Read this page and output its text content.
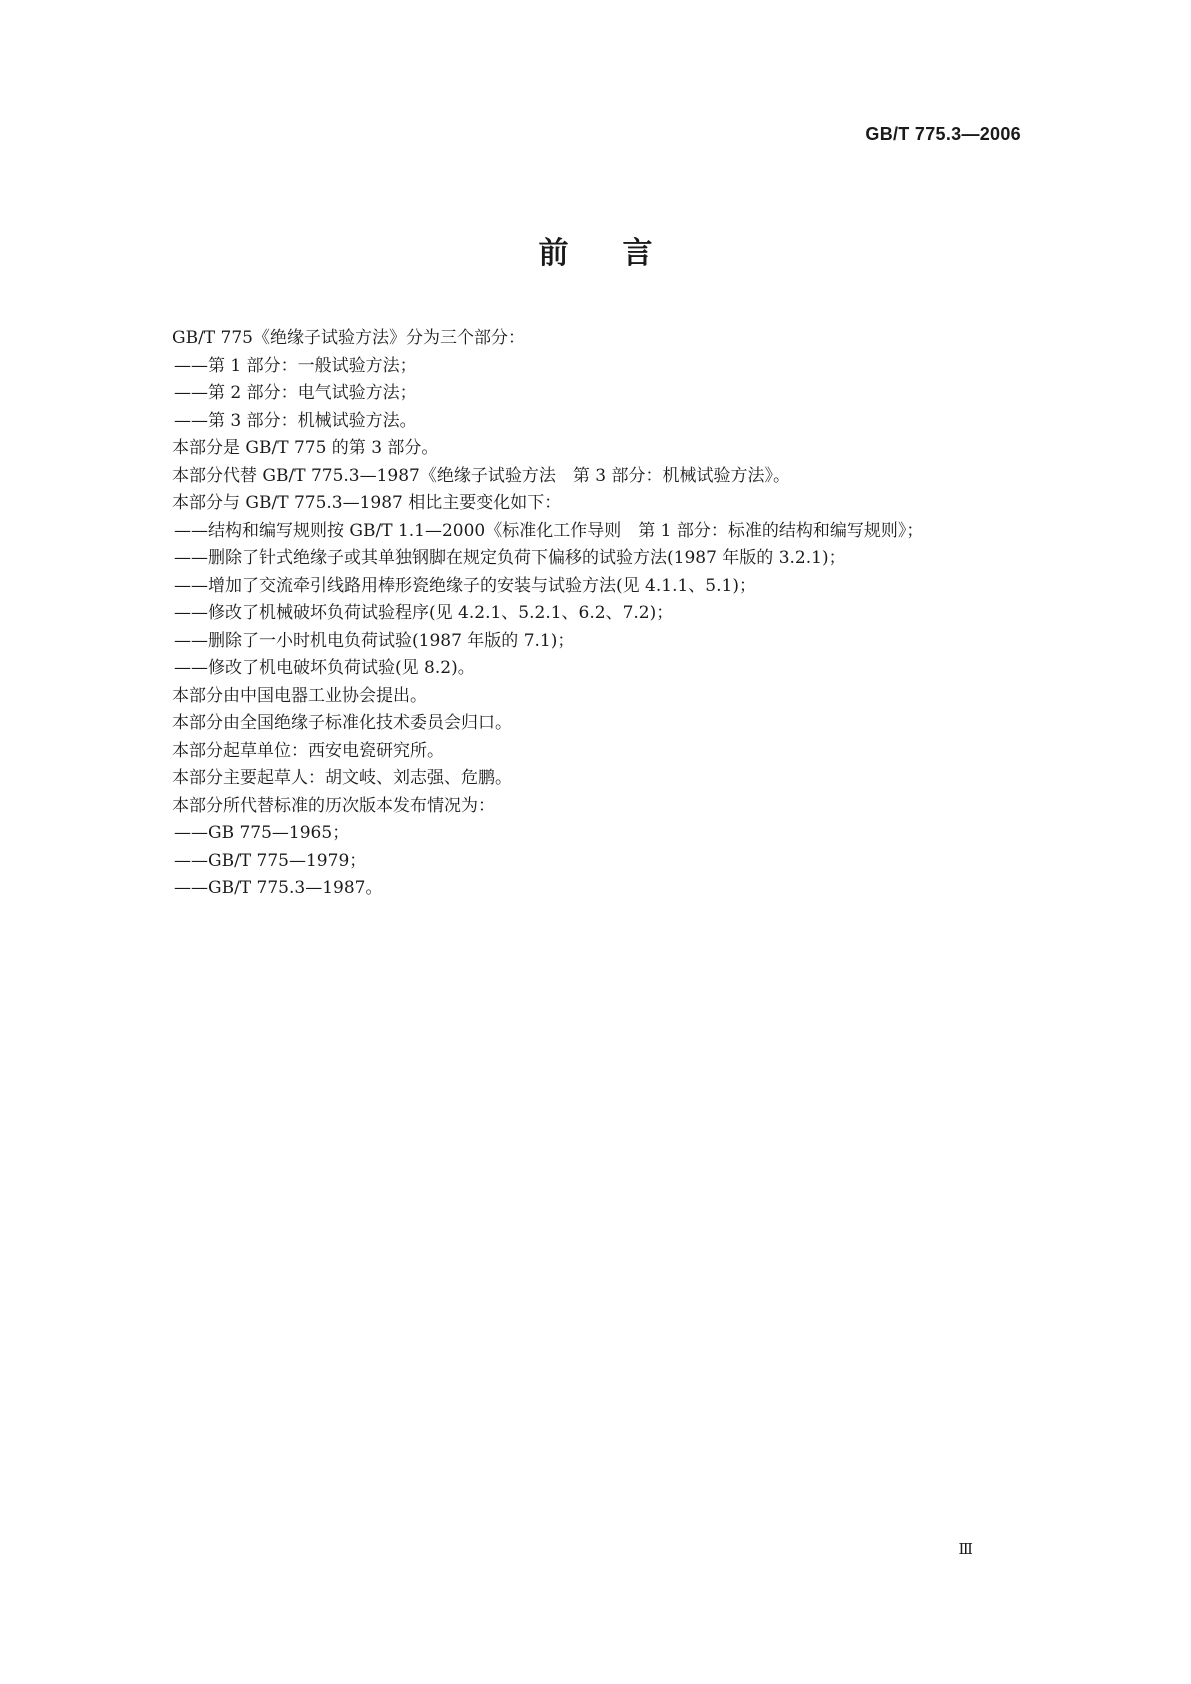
GB/T 775.3—2006
前言
GB/T 775《绝缘子试验方法》分为三个部分：
——第 1 部分：一般试验方法；
——第 2 部分：电气试验方法；
——第 3 部分：机械试验方法。
本部分是 GB/T 775 的第 3 部分。
本部分代替 GB/T 775.3—1987《绝缘子试验方法　第 3 部分：机械试验方法》。
本部分与 GB/T 775.3—1987 相比主要变化如下：
——结构和编写规则按 GB/T 1.1—2000《标准化工作导则　第 1 部分：标准的结构和编写规则》；
——删除了针式绝缘子或其单独钢脚在规定负荷下偏移的试验方法(1987 年版的 3.2.1)；
——增加了交流牵引线路用棒形瓷绝缘子的安装与试验方法(见 4.1.1、5.1)；
——修改了机械破坏负荷试验程序(见 4.2.1、5.2.1、6.2、7.2)；
——删除了一小时机电负荷试验(1987 年版的 7.1)；
——修改了机电破坏负荷试验(见 8.2)。
本部分由中国电器工业协会提出。
本部分由全国绝缘子标准化技术委员会归口。
本部分起草单位：西安电瓷研究所。
本部分主要起草人：胡文岐、刘志强、危鹏。
本部分所代替标准的历次版本发布情况为：
——GB 775—1965；
——GB/T 775—1979；
——GB/T 775.3—1987。
Ⅲ
